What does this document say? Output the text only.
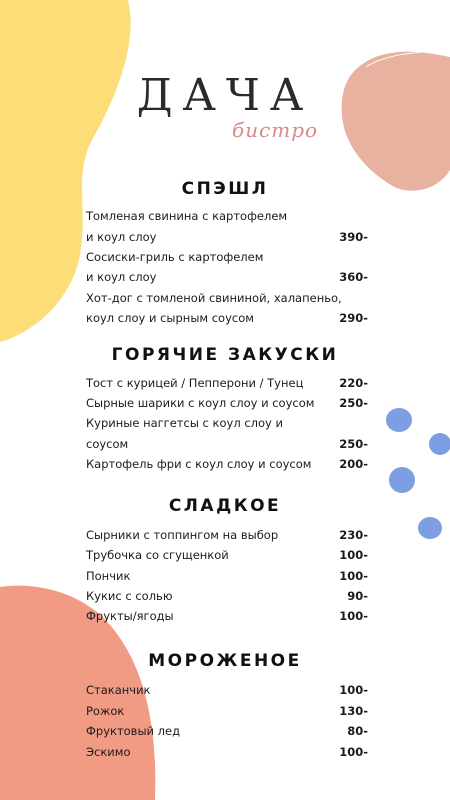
ДАЧА
бистро
СПЭШЛ
Томленая свинина с картофелем
и коул слоу	390-
Сосиски-гриль с картофелем
и коул слоу	360-
Хот-дог с томленой свининой, халапеньо,
коул слоу и сырным соусом	290-
ГОРЯЧИЕ ЗАКУСКИ
Тост с курицей / Пепперони / Тунец	220-
Сырные шарики с коул слоу и соусом 250-
Куриные наггетсы с коул слоу и
соусом	250-
Картофель фри с коул слоу и соусом 200-
СЛАДКОЕ
Сырники с топпингом на выбор	230-
Трубочка со сгущенкой	100-
Пончик	100-
Кукис с солью	90-
Фрукты/ягоды	100-
МОРОЖЕНОЕ
Стаканчик	100-
Рожок	130-
Фруктовый лед	80-
Эскимо	100-
